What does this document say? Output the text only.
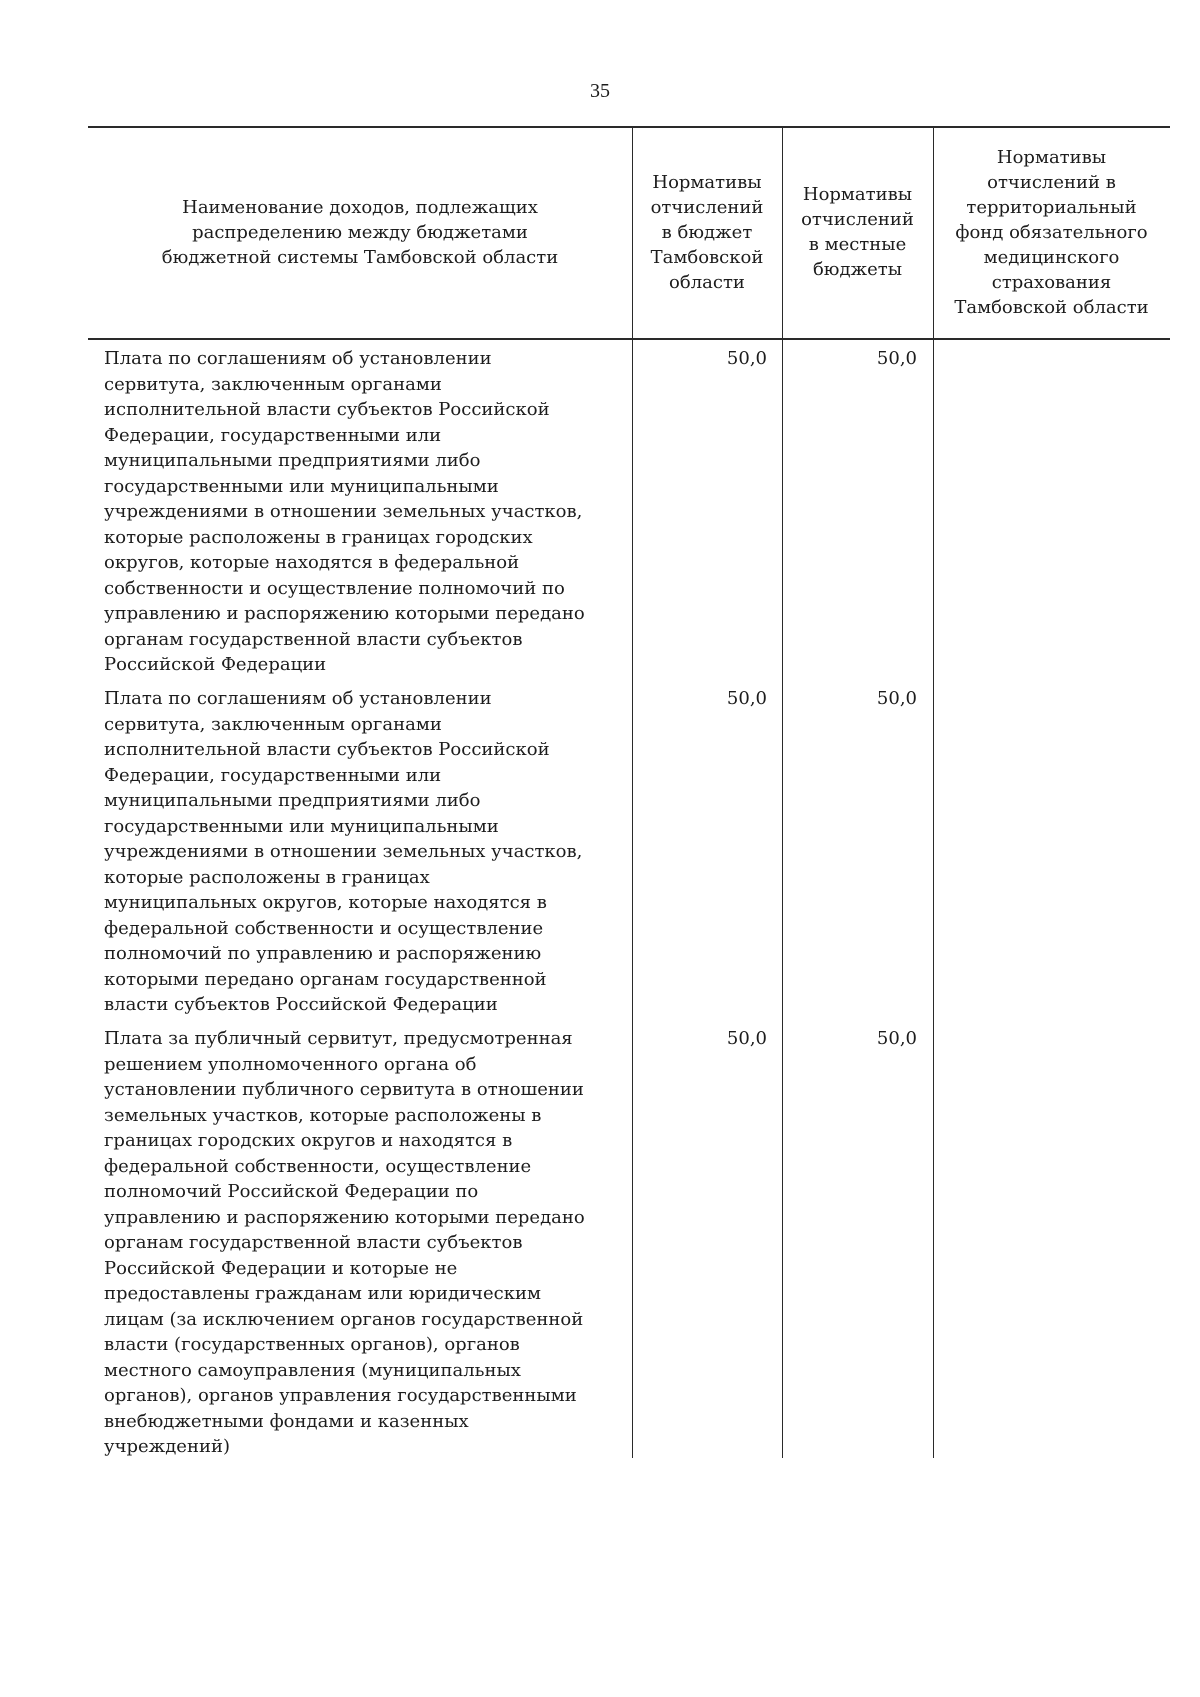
35
Наименование доходов, подлежащих
распределению между бюджетами
бюджетной системы Тамбовской области
Нормативы
отчислений
в бюджет
Тамбовской
области
Нормативы
отчислений
в местные
бюджеты
Нормативы
отчислений в
территориальный
фонд обязательного
медицинского
страхования
Тамбовской области
Плата по соглашениям об установлении
сервитута, заключенным органами
исполнительной власти субъектов Российской
Федерации, государственными или
муниципальными предприятиями либо
государственными или муниципальными
учреждениями в отношении земельных участков,
которые расположены в границах городских
округов, которые находятся в федеральной
собственности и осуществление полномочий по
управлению и распоряжению которыми передано
органам государственной власти субъектов
Российской Федерации
50,0	50,0
Плата по соглашениям об установлении
сервитута, заключенным органами
исполнительной власти субъектов Российской
Федерации, государственными или
муниципальными предприятиями либо
государственными или муниципальными
учреждениями в отношении земельных участков,
которые расположены в границах
муниципальных округов, которые находятся в
федеральной собственности и осуществление
полномочий по управлению и распоряжению
которыми передано органам государственной
власти субъектов Российской Федерации
50,0	50,0
Плата за публичный сервитут, предусмотренная
решением уполномоченного органа об
установлении публичного сервитута в отношении
земельных участков, которые расположены в
границах городских округов и находятся в
федеральной собственности, осуществление
полномочий Российской Федерации по
управлению и распоряжению которыми передано
органам государственной власти субъектов
Российской Федерации и которые не
предоставлены гражданам или юридическим
лицам (за исключением органов государственной
власти (государственных органов), органов
местного самоуправления (муниципальных
органов), органов управления государственными
внебюджетными фондами и казенных
учреждений)
50,0	50,0
